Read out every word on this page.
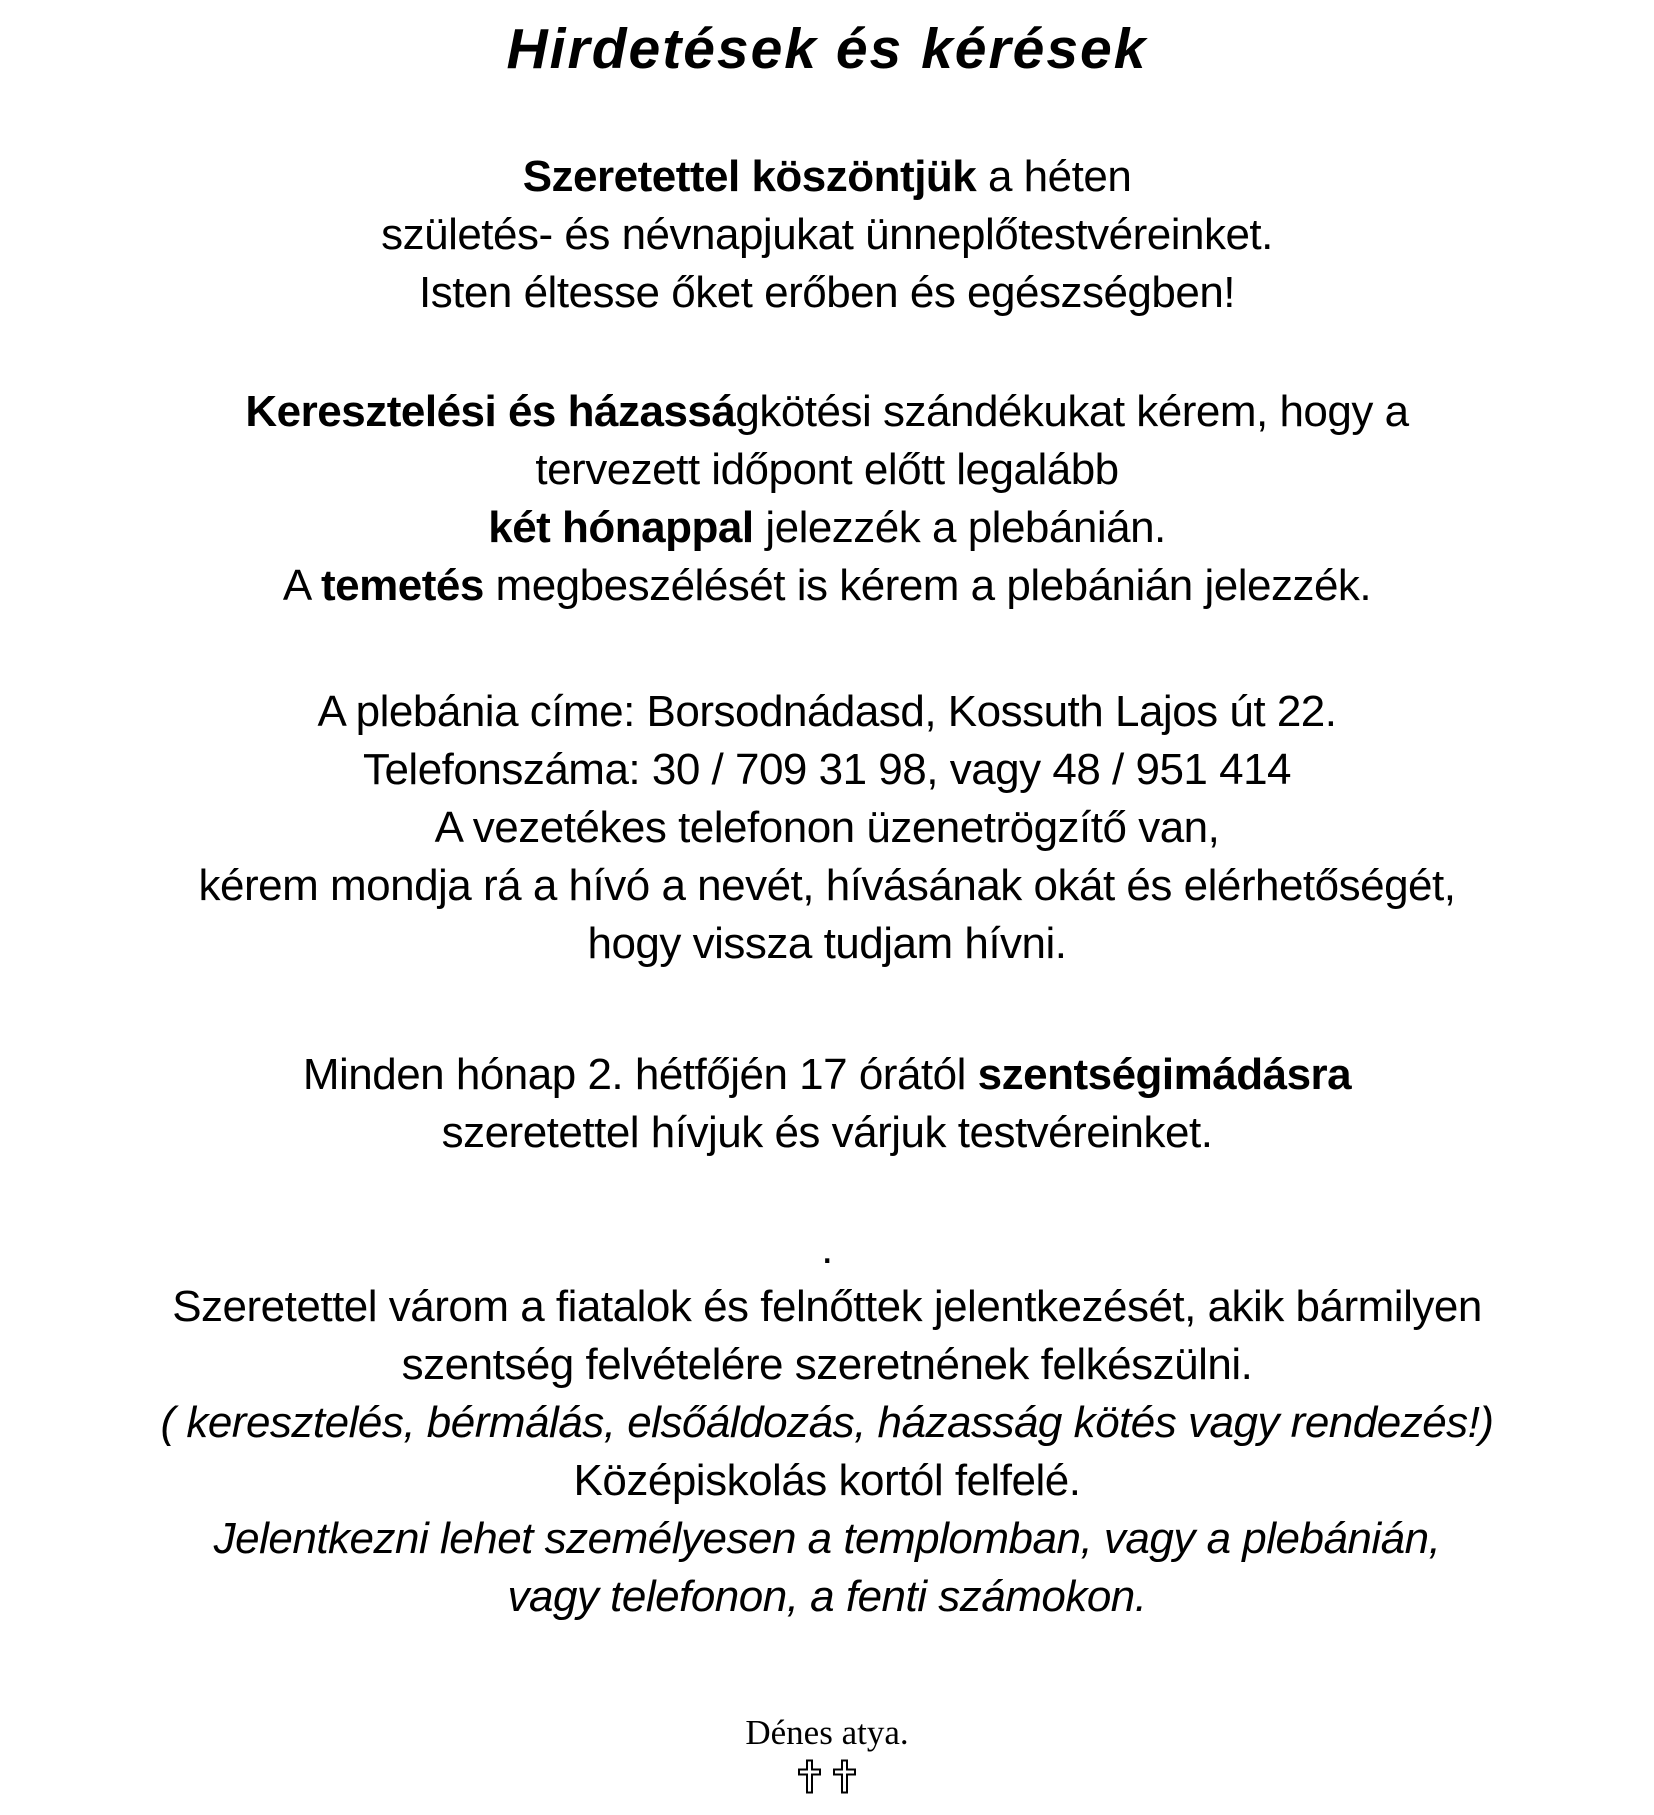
Hirdetések és kérések
Szeretettel köszöntjük a héten
születés- és névnapjukat ünneplőtestvéreinket.
Isten éltesse őket erőben és egészségben!
Keresztelési és házasságkötési szándékukat kérem, hogy a
tervezett időpont előtt legalább
két hónappal jelezzék a plebánián.
A temetés megbeszélését is kérem a plebánián jelezzék.
A plebánia címe: Borsodnádasd, Kossuth Lajos út 22.
Telefonszáma: 30 / 709 31 98, vagy 48 / 951 414
A vezetékes telefonon üzenetrögzítő van,
kérem mondja rá a hívó a nevét, hívásának okát és elérhetőségét,
hogy vissza tudjam hívni.
Minden hónap 2. hétfőjén 17 órától szentségimádásra
szeretettel hívjuk és várjuk testvéreinket.
.
Szeretettel várom a fiatalok és felnőttek jelentkezését, akik bármilyen
szentség felvételére szeretnének felkészülni.
( keresztelés, bérmálás, elsőáldozás, házasság kötés vagy rendezés!)
Középiskolás kortól felfelé.
Jelentkezni lehet személyesen a templomban, vagy a plebánián,
vagy telefonon, a fenti számokon.
Dénes atya.
